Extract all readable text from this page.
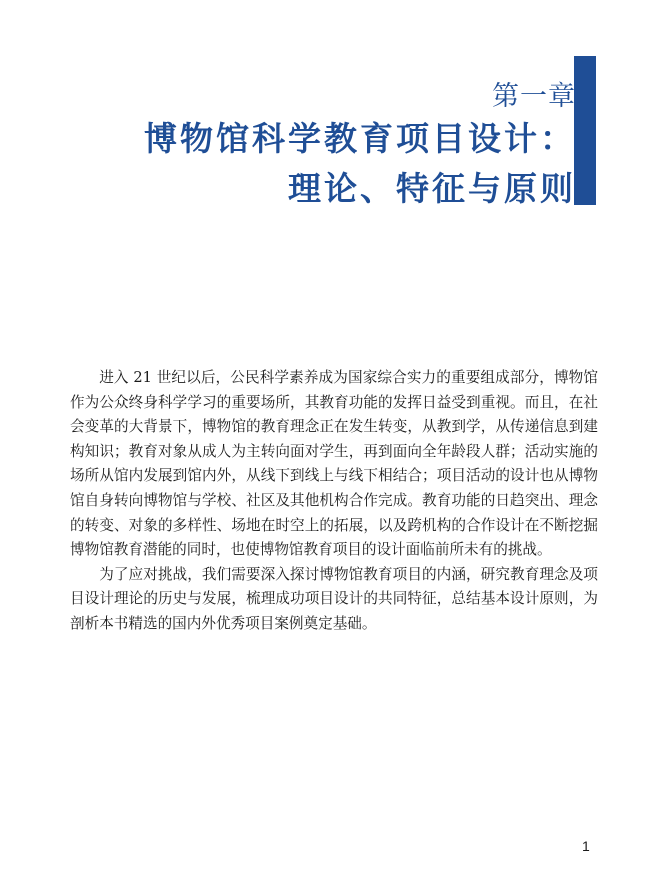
第一章
博物馆科学教育项目设计：
理论、特征与原则

进入 21 世纪以后，公民科学素养成为国家综合实力的重要组成部分，博物馆作为公众终身科学学习的重要场所，其教育功能的发挥日益受到重视。而且，在社会变革的大背景下，博物馆的教育理念正在发生转变，从教到学，从传递信息到建构知识；教育对象从成人为主转向面对学生，再到面向全年龄段人群；活动实施的场所从馆内发展到馆内外，从线下到线上与线下相结合；项目活动的设计也从博物馆自身转向博物馆与学校、社区及其他机构合作完成。教育功能的日趋突出、理念的转变、对象的多样性、场地在时空上的拓展，以及跨机构的合作设计在不断挖掘博物馆教育潜能的同时，也使博物馆教育项目的设计面临前所未有的挑战。

为了应对挑战，我们需要深入探讨博物馆教育项目的内涵，研究教育理念及项目设计理论的历史与发展，梳理成功项目设计的共同特征，总结基本设计原则，为剖析本书精选的国内外优秀项目案例奠定基础。

1
